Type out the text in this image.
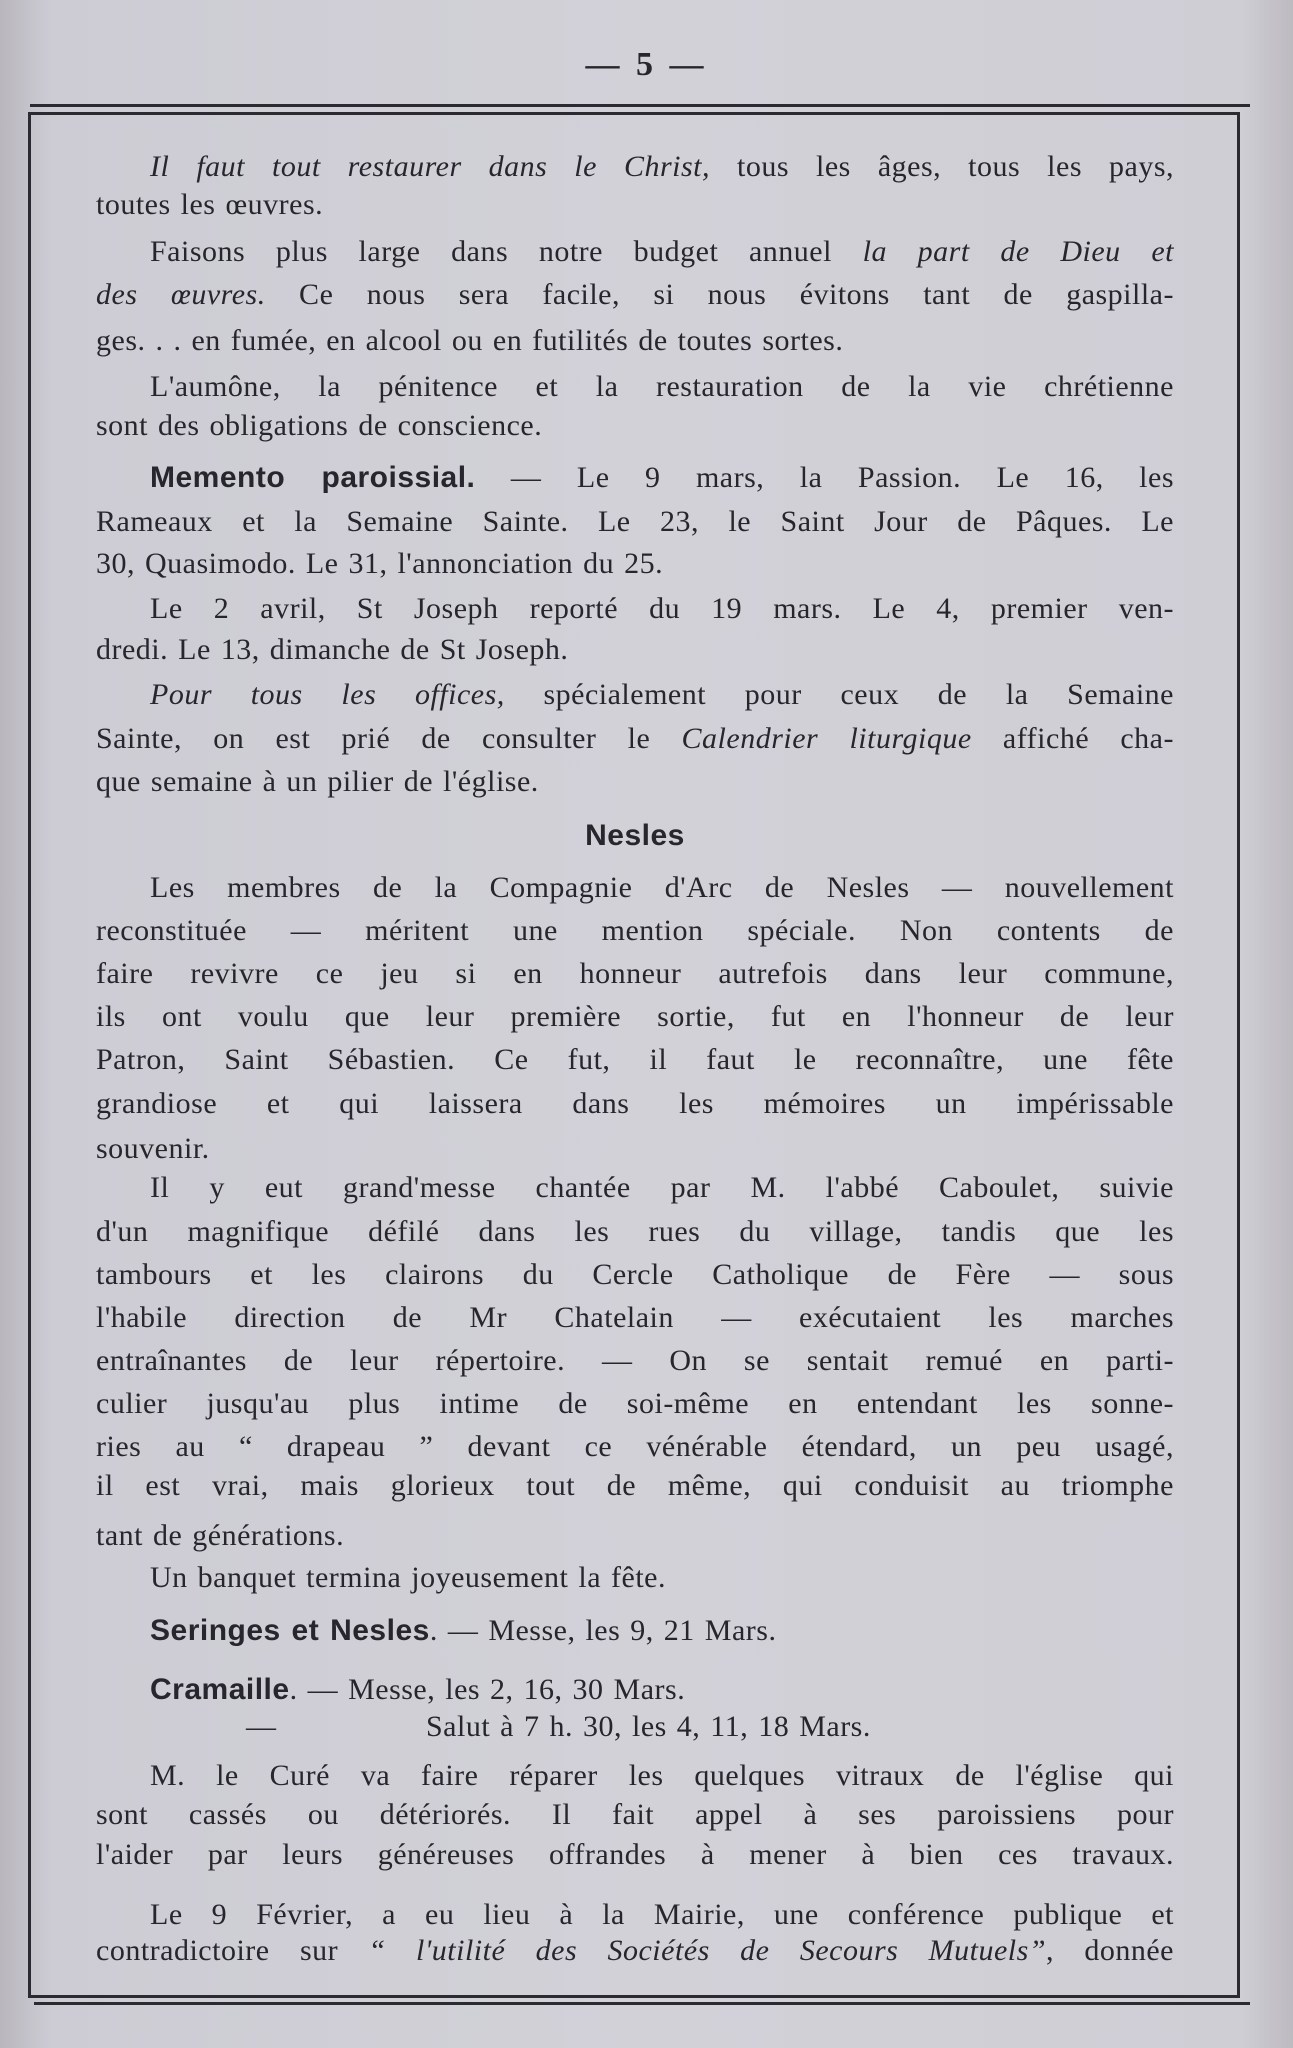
— 5 —
Il faut tout restaurer dans le Christ, tous les âges, tous les pays,
toutes les œuvres.
Faisons plus large dans notre budget annuel la part de Dieu et
des œuvres. Ce nous sera facile, si nous évitons tant de gaspilla-
ges. . . en fumée, en alcool ou en futilités de toutes sortes.
L'aumône, la pénitence et la restauration de la vie chrétienne
sont des obligations de conscience.
Memento paroissial. — Le 9 mars, la Passion. Le 16, les
Rameaux et la Semaine Sainte. Le 23, le Saint Jour de Pâques. Le
30, Quasimodo. Le 31, l'annonciation du 25.
Le 2 avril, St Joseph reporté du 19 mars. Le 4, premier ven-
dredi. Le 13, dimanche de St Joseph.
Pour tous les offices, spécialement pour ceux de la Semaine
Sainte, on est prié de consulter le Calendrier liturgique affiché cha-
que semaine à un pilier de l'église.
Nesles
Les membres de la Compagnie d'Arc de Nesles — nouvellement
reconstituée — méritent une mention spéciale. Non contents de
faire revivre ce jeu si en honneur autrefois dans leur commune,
ils ont voulu que leur première sortie, fut en l'honneur de leur
Patron, Saint Sébastien. Ce fut, il faut le reconnaître, une fête
grandiose et qui laissera dans les mémoires un impérissable
souvenir.
Il y eut grand'messe chantée par M. l'abbé Caboulet, suivie
d'un magnifique défilé dans les rues du village, tandis que les
tambours et les clairons du Cercle Catholique de Fère — sous
l'habile direction de Mr Chatelain — exécutaient les marches
entraînantes de leur répertoire. — On se sentait remué en parti-
culier jusqu'au plus intime de soi-même en entendant les sonne-
ries au “ drapeau ” devant ce vénérable étendard, un peu usagé,
il est vrai, mais glorieux tout de même, qui conduisit au triomphe
tant de générations.
Un banquet termina joyeusement la fête.
Seringes et Nesles. — Messe, les 9, 21 Mars.
Cramaille. — Messe, les 2, 16, 30 Mars.
—	Salut à 7 h. 30, les 4, 11, 18 Mars.
M. le Curé va faire réparer les quelques vitraux de l'église qui
sont cassés ou détériorés. Il fait appel à ses paroissiens pour
l'aider par leurs généreuses offrandes à mener à bien ces travaux.
Le 9 Février, a eu lieu à la Mairie, une conférence publique et
contradictoire sur “ l'utilité des Sociétés de Secours Mutuels”, donnée
